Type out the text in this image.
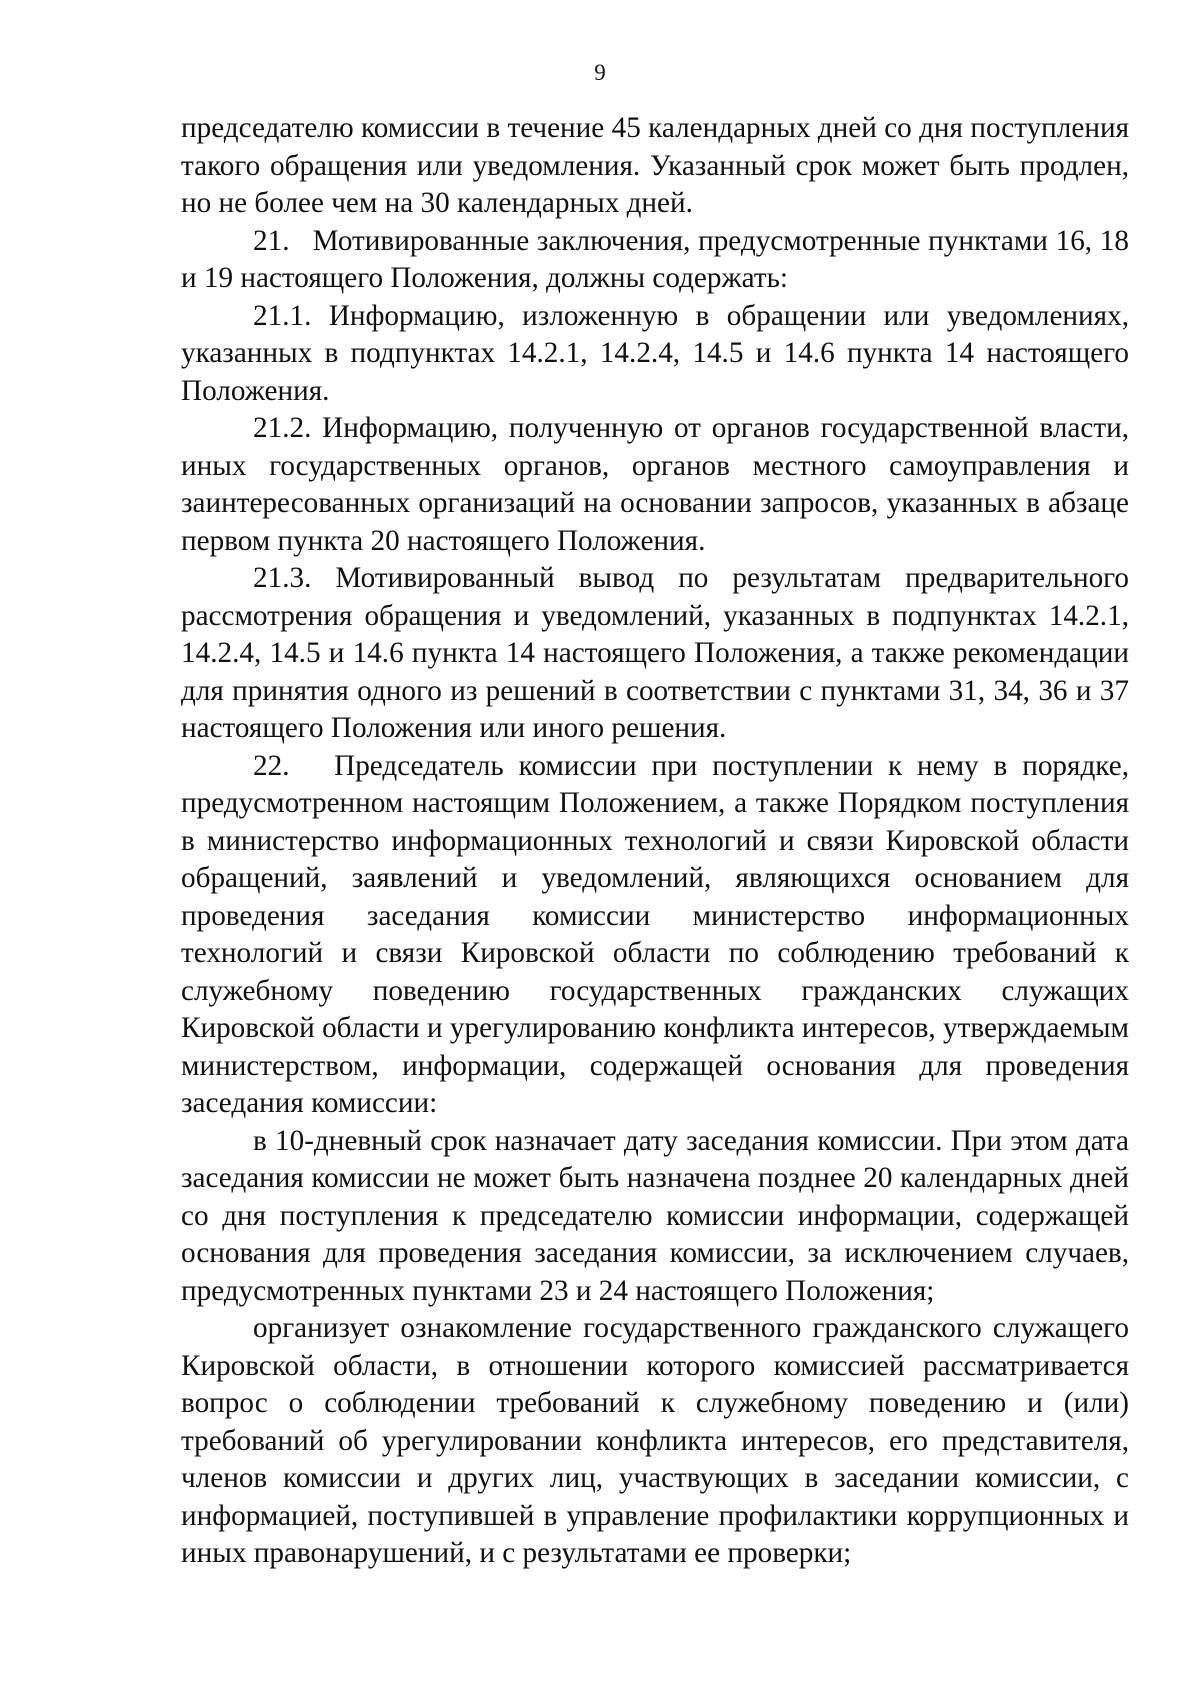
9

председателю комиссии в течение 45 календарных дней со дня поступления такого обращения или уведомления. Указанный срок может быть продлен, но не более чем на 30 календарных дней.

21.   Мотивированные заключения, предусмотренные пунктами 16, 18 и 19 настоящего Положения, должны содержать:

21.1. Информацию, изложенную в обращении или уведомлениях, указанных в подпунктах 14.2.1, 14.2.4, 14.5 и 14.6 пункта 14 настоящего Положения.

21.2. Информацию, полученную от органов государственной власти, иных государственных органов, органов местного самоуправления и заинтересованных организаций на основании запросов, указанных в абзаце первом пункта 20 настоящего Положения.

21.3. Мотивированный вывод по результатам предварительного рассмотрения обращения и уведомлений, указанных в подпунктах 14.2.1, 14.2.4, 14.5 и 14.6 пункта 14 настоящего Положения, а также рекомендации для принятия одного из решений в соответствии с пунктами 31, 34, 36 и 37 настоящего Положения или иного решения.

22.   Председатель комиссии при поступлении к нему в порядке, предусмотренном настоящим Положением, а также Порядком поступления в министерство информационных технологий и связи Кировской области обращений, заявлений и уведомлений, являющихся основанием для проведения заседания комиссии министерство информационных технологий и связи Кировской области по соблюдению требований к служебному поведению государственных гражданских служащих Кировской области и урегулированию конфликта интересов, утверждаемым министерством, информации, содержащей основания для проведения заседания комиссии:

в 10-дневный срок назначает дату заседания комиссии. При этом дата заседания комиссии не может быть назначена позднее 20 календарных дней со дня поступления к председателю комиссии информации, содержащей основания для проведения заседания комиссии, за исключением случаев, предусмотренных пунктами 23 и 24 настоящего Положения;

организует ознакомление государственного гражданского служащего Кировской области, в отношении которого комиссией рассматривается вопрос о соблюдении требований к служебному поведению и (или) требований об урегулировании конфликта интересов, его представителя, членов комиссии и других лиц, участвующих в заседании комиссии, с информацией, поступившей в управление профилактики коррупционных и иных правонарушений, и с результатами ее проверки;
